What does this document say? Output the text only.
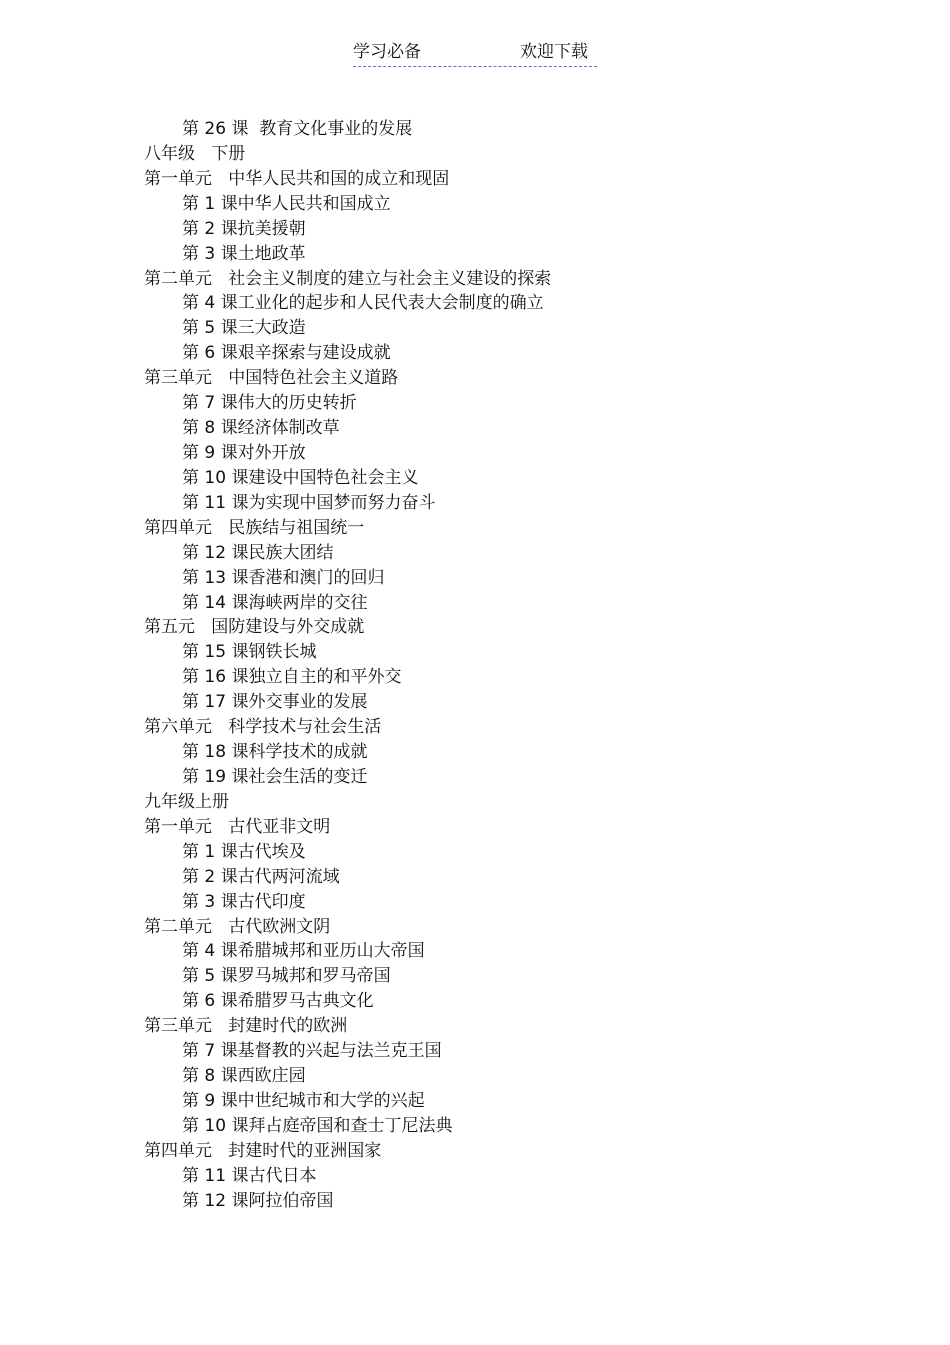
学习必备	欢迎下载
第 26 课  教育文化事业的发展
八年级   下册
第一单元   中华人民共和国的成立和现固
第 1 课中华人民共和国成立
第 2 课抗美援朝
第 3 课土地政革
第二单元   社会主义制度的建立与社会主义建设的探索
第 4 课工业化的起步和人民代表大会制度的确立
第 5 课三大政造
第 6 课艰辛探索与建设成就
第三单元   中国特色社会主义道路
第 7 课伟大的历史转折
第 8 课经济体制改草
第 9 课对外开放
第 10 课建设中国特色社会主义
第 11 课为实现中国梦而努力奋斗
第四单元   民族结与祖国统一
第 12 课民族大团结
第 13 课香港和澳门的回归
第 14 课海峡两岸的交往
第五元   国防建设与外交成就
第 15 课钢铁长城
第 16 课独立自主的和平外交
第 17 课外交事业的发展
第六单元   科学技术与社会生活
第 18 课科学技术的成就
第 19 课社会生活的变迁
九年级上册
第一单元   古代亚非文明
第 1 课古代埃及
第 2 课古代两河流域
第 3 课古代印度
第二单元   古代欧洲文阴
第 4 课希腊城邦和亚历山大帝国
第 5 课罗马城邦和罗马帝国
第 6 课希腊罗马古典文化
第三单元   封建时代的欧洲
第 7 课基督教的兴起与法兰克王国
第 8 课西欧庄园
第 9 课中世纪城市和大学的兴起
第 10 课拜占庭帝国和查士丁尼法典
第四单元   封建时代的亚洲国家
第 11 课古代日本
第 12 课阿拉伯帝国
